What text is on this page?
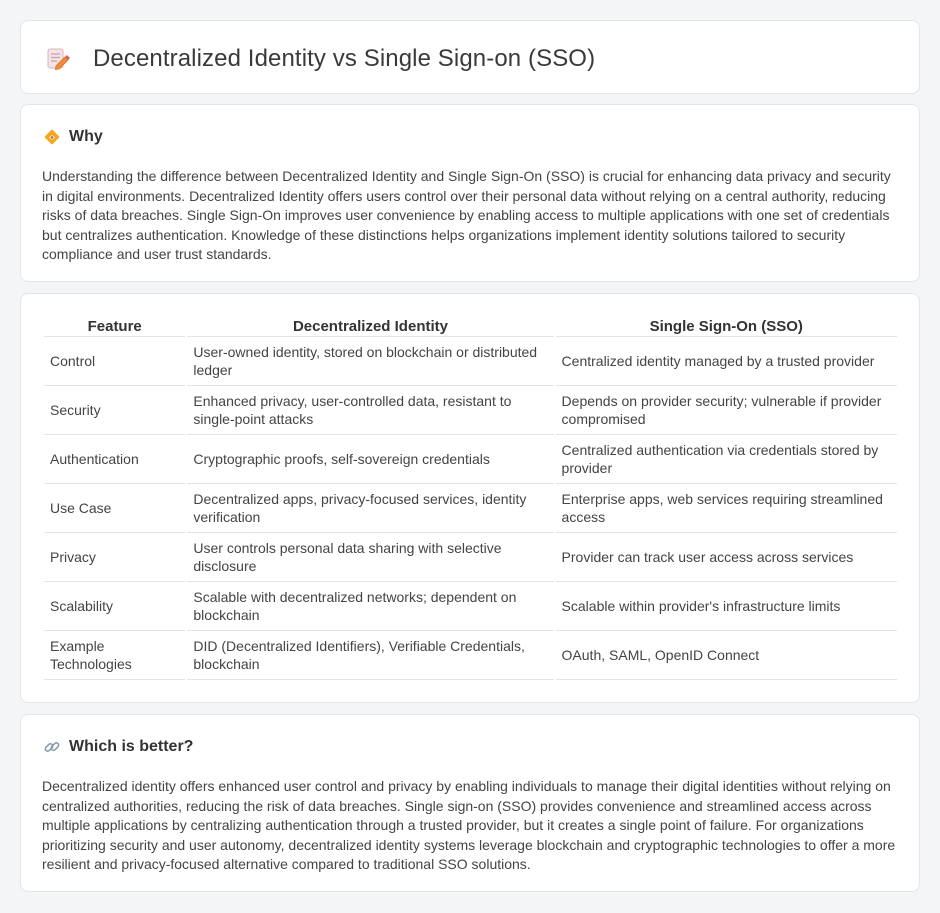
Decentralized Identity vs Single Sign-on (SSO)
Why

Understanding the difference between Decentralized Identity and Single Sign-On (SSO) is crucial for enhancing data privacy and security in digital environments. Decentralized Identity offers users control over their personal data without relying on a central authority, reducing risks of data breaches. Single Sign-On improves user convenience by enabling access to multiple applications with one set of credentials but centralizes authentication. Knowledge of these distinctions helps organizations implement identity solutions tailored to security compliance and user trust standards.

Feature	Decentralized Identity	Single Sign-On (SSO)
Control	User-owned identity, stored on blockchain or distributed ledger	Centralized identity managed by a trusted provider
Security	Enhanced privacy, user-controlled data, resistant to single-point attacks	Depends on provider security; vulnerable if provider compromised
Authentication	Cryptographic proofs, self-sovereign credentials	Centralized authentication via credentials stored by provider
Use Case	Decentralized apps, privacy-focused services, identity verification	Enterprise apps, web services requiring streamlined access
Privacy	User controls personal data sharing with selective disclosure	Provider can track user access across services
Scalability	Scalable with decentralized networks; dependent on blockchain	Scalable within provider's infrastructure limits
Example Technologies	DID (Decentralized Identifiers), Verifiable Credentials, blockchain	OAuth, SAML, OpenID Connect
Which is better?

Decentralized identity offers enhanced user control and privacy by enabling individuals to manage their digital identities without relying on centralized authorities, reducing the risk of data breaches. Single sign-on (SSO) provides convenience and streamlined access across multiple applications by centralizing authentication through a trusted provider, but it creates a single point of failure. For organizations prioritizing security and user autonomy, decentralized identity systems leverage blockchain and cryptographic technologies to offer a more resilient and privacy-focused alternative compared to traditional SSO solutions.
